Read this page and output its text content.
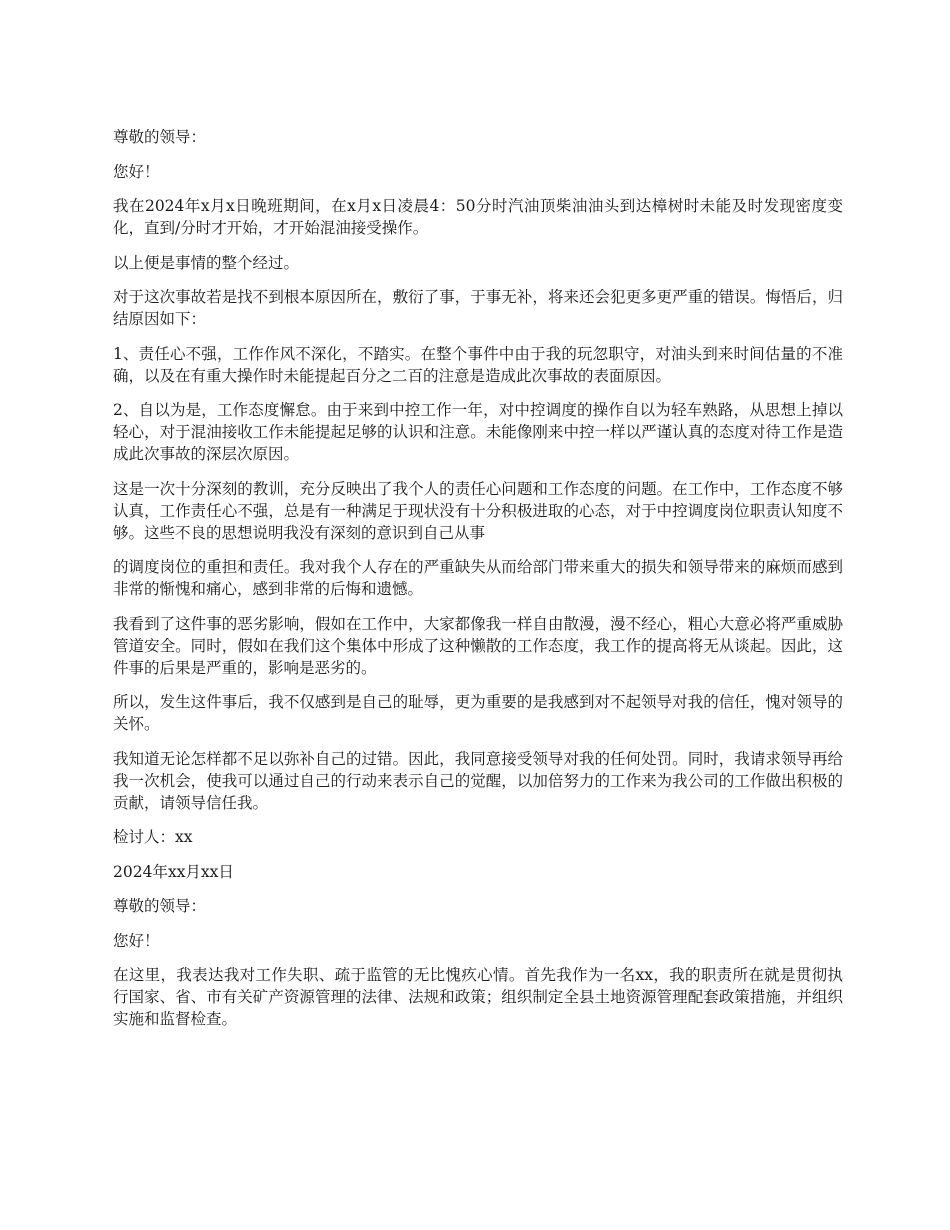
尊敬的领导：

您好！

我在2024年x月x日晚班期间，在x月x日凌晨4：50分时汽油顶柴油油头到达樟树时未能及时发现密度变化，直到/分时才开始，才开始混油接受操作。

以上便是事情的整个经过。

对于这次事故若是找不到根本原因所在，敷衍了事，于事无补，将来还会犯更多更严重的错误。悔悟后，归结原因如下：

1、责任心不强，工作作风不深化，不踏实。在整个事件中由于我的玩忽职守，对油头到来时间估量的不准确，以及在有重大操作时未能提起百分之二百的注意是造成此次事故的表面原因。

2、自以为是，工作态度懈怠。由于来到中控工作一年，对中控调度的操作自以为轻车熟路，从思想上掉以轻心，对于混油接收工作未能提起足够的认识和注意。未能像刚来中控一样以严谨认真的态度对待工作是造成此次事故的深层次原因。

这是一次十分深刻的教训，充分反映出了我个人的责任心问题和工作态度的问题。在工作中，工作态度不够认真，工作责任心不强，总是有一种满足于现状没有十分积极进取的心态，对于中控调度岗位职责认知度不够。这些不良的思想说明我没有深刻的意识到自己从事

的调度岗位的重担和责任。我对我个人存在的严重缺失从而给部门带来重大的损失和领导带来的麻烦而感到非常的惭愧和痛心，感到非常的后悔和遗憾。

我看到了这件事的恶劣影响，假如在工作中，大家都像我一样自由散漫，漫不经心，粗心大意必将严重威胁管道安全。同时，假如在我们这个集体中形成了这种懒散的工作态度，我工作的提高将无从谈起。因此，这件事的后果是严重的，影响是恶劣的。

所以，发生这件事后，我不仅感到是自己的耻辱，更为重要的是我感到对不起领导对我的信任，愧对领导的关怀。

我知道无论怎样都不足以弥补自己的过错。因此，我同意接受领导对我的任何处罚。同时，我请求领导再给我一次机会，使我可以通过自己的行动来表示自己的觉醒，以加倍努力的工作来为我公司的工作做出积极的贡献，请领导信任我。

检讨人：xx

2024年xx月xx日

尊敬的领导：

您好！

在这里，我表达我对工作失职、疏于监管的无比愧疚心情。首先我作为一名xx，我的职责所在就是贯彻执行国家、省、市有关矿产资源管理的法律、法规和政策；组织制定全县土地资源管理配套政策措施，并组织实施和监督检查。
